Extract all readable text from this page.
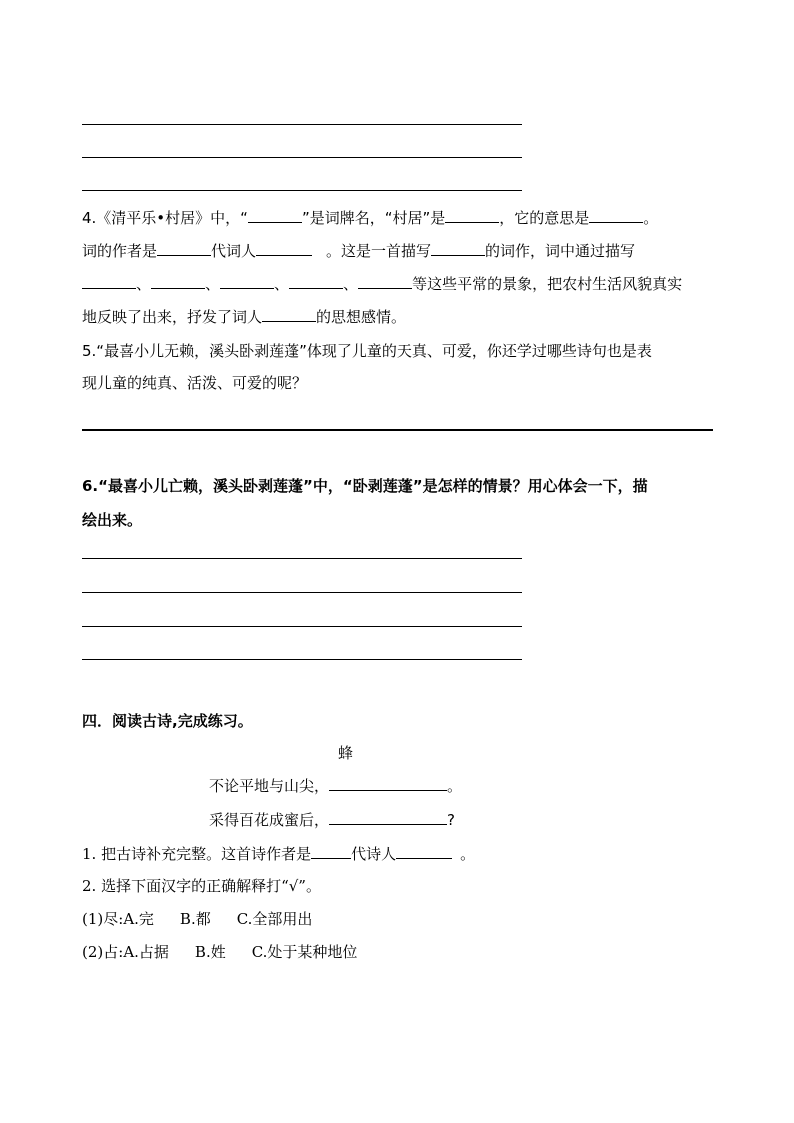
4.《清平乐•村居》中，“	”是词牌名，“村居”是	，它的意思是	。
词的作者是	代词人	。这是一首描写	的词作，词中通过描写
、	、	、	、	等这些平常的景象，把农村生活风貌真实
地反映了出来，抒发了词人	的思想感情。
5.“最喜小儿无赖，溪头卧剥莲蓬”体现了儿童的天真、可爱，你还学过哪些诗句也是表
现儿童的纯真、活泼、可爱的呢？
6.“最喜小儿亡赖，溪头卧剥莲蓬”中，“卧剥莲蓬”是怎样的情景？用心体会一下，描
绘出来。
四．阅读古诗,完成练习。
蜂
不论平地与山尖，	。
采得百花成蜜后，	?
1. 把古诗补充完整。这首诗作者是	代诗人	。
2. 选择下面汉字的正确解释打“√”。
(1)尽:A.完 B.都 C.全部用出
(2)占:A.占据 B.姓 C.处于某种地位
